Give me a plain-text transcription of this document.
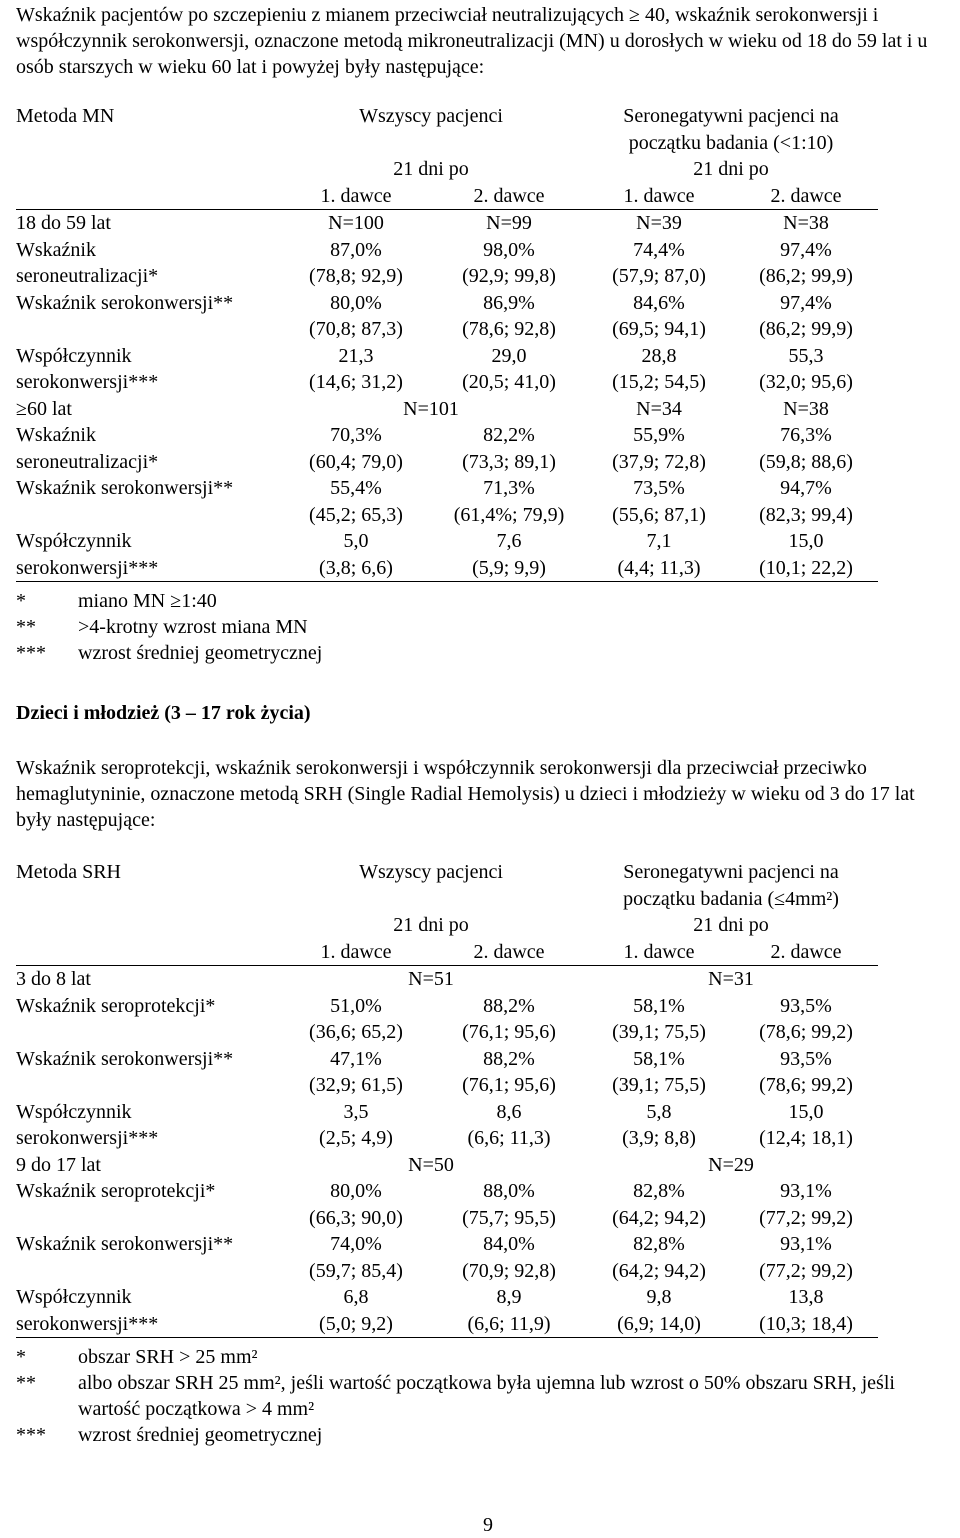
Wskaźnik pacjentów po szczepieniu z mianem przeciwciał neutralizujących ≥ 40, wskaźnik serokonwersji i współczynnik serokonwersji, oznaczone metodą mikroneutralizacji (MN) u dorosłych w wieku od 18 do 59 lat i u osób starszych w wieku 60 lat i powyżej były następujące:

Metoda MN	Wszyscy pacjenci		Seronegatywni pacjenci na	
			początku badania (<1:10)	
	21 dni po		21 dni po	
	1. dawce	2. dawce	1. dawce	2. dawce
18 do 59 lat	N=100	N=99	N=39	N=38
Wskaźnik	87,0%	98,0%	74,4%	97,4%
seroneutralizacji*	(78,8; 92,9)	(92,9; 99,8)	(57,9; 87,0)	(86,2; 99,9)
Wskaźnik serokonwersji**	80,0%	86,9%	84,6%	97,4%
	(70,8; 87,3)	(78,6; 92,8)	(69,5; 94,1)	(86,2; 99,9)
Współczynnik	21,3	29,0	28,8	55,3
serokonwersji***	(14,6; 31,2)	(20,5; 41,0)	(15,2; 54,5)	(32,0; 95,6)
≥60 lat	N=101		N=34	N=38
Wskaźnik	70,3%	82,2%	55,9%	76,3%
seroneutralizacji*	(60,4; 79,0)	(73,3; 89,1)	(37,9; 72,8)	(59,8; 88,6)
Wskaźnik serokonwersji**	55,4%	71,3%	73,5%	94,7%
	(45,2; 65,3)	(61,4%; 79,9)	(55,6; 87,1)	(82,3; 99,4)
Współczynnik	5,0	7,6	7,1	15,0
serokonwersji***	(3,8; 6,6)	(5,9; 9,9)	(4,4; 11,3)	(10,1; 22,2)
*	miano MN ≥1:40
**	>4-krotny wzrost miana MN
***	wzrost średniej geometrycznej

Dzieci i młodzież (3 – 17 rok życia)

Wskaźnik seroprotekcji, wskaźnik serokonwersji i współczynnik serokonwersji dla przeciwciał przeciwko hemaglutyninie, oznaczone metodą SRH (Single Radial Hemolysis) u dzieci i młodzieży w wieku od 3 do 17 lat były następujące:

Metoda SRH	Wszyscy pacjenci		Seronegatywni pacjenci na	
			początku badania (≤4mm²)	
	21 dni po		21 dni po	
	1. dawce	2. dawce	1. dawce	2. dawce
3 do 8 lat	N=51		N=31	
Wskaźnik seroprotekcji*	51,0%	88,2%	58,1%	93,5%
	(36,6; 65,2)	(76,1; 95,6)	(39,1; 75,5)	(78,6; 99,2)
Wskaźnik serokonwersji**	47,1%	88,2%	58,1%	93,5%
	(32,9; 61,5)	(76,1; 95,6)	(39,1; 75,5)	(78,6; 99,2)
Współczynnik	3,5	8,6	5,8	15,0
serokonwersji***	(2,5; 4,9)	(6,6; 11,3)	(3,9; 8,8)	(12,4; 18,1)
9 do 17 lat	N=50		N=29	
Wskaźnik seroprotekcji*	80,0%	88,0%	82,8%	93,1%
	(66,3; 90,0)	(75,7; 95,5)	(64,2; 94,2)	(77,2; 99,2)
Wskaźnik serokonwersji**	74,0%	84,0%	82,8%	93,1%
	(59,7; 85,4)	(70,9; 92,8)	(64,2; 94,2)	(77,2; 99,2)
Współczynnik	6,8	8,9	9,8	13,8
serokonwersji***	(5,0; 9,2)	(6,6; 11,9)	(6,9; 14,0)	(10,3; 18,4)
*	obszar SRH > 25 mm²
**	albo obszar SRH 25 mm², jeśli wartość początkowa była ujemna lub wzrost o 50% obszaru SRH, jeśli wartość początkowa > 4 mm²
***	wzrost średniej geometrycznej
9
